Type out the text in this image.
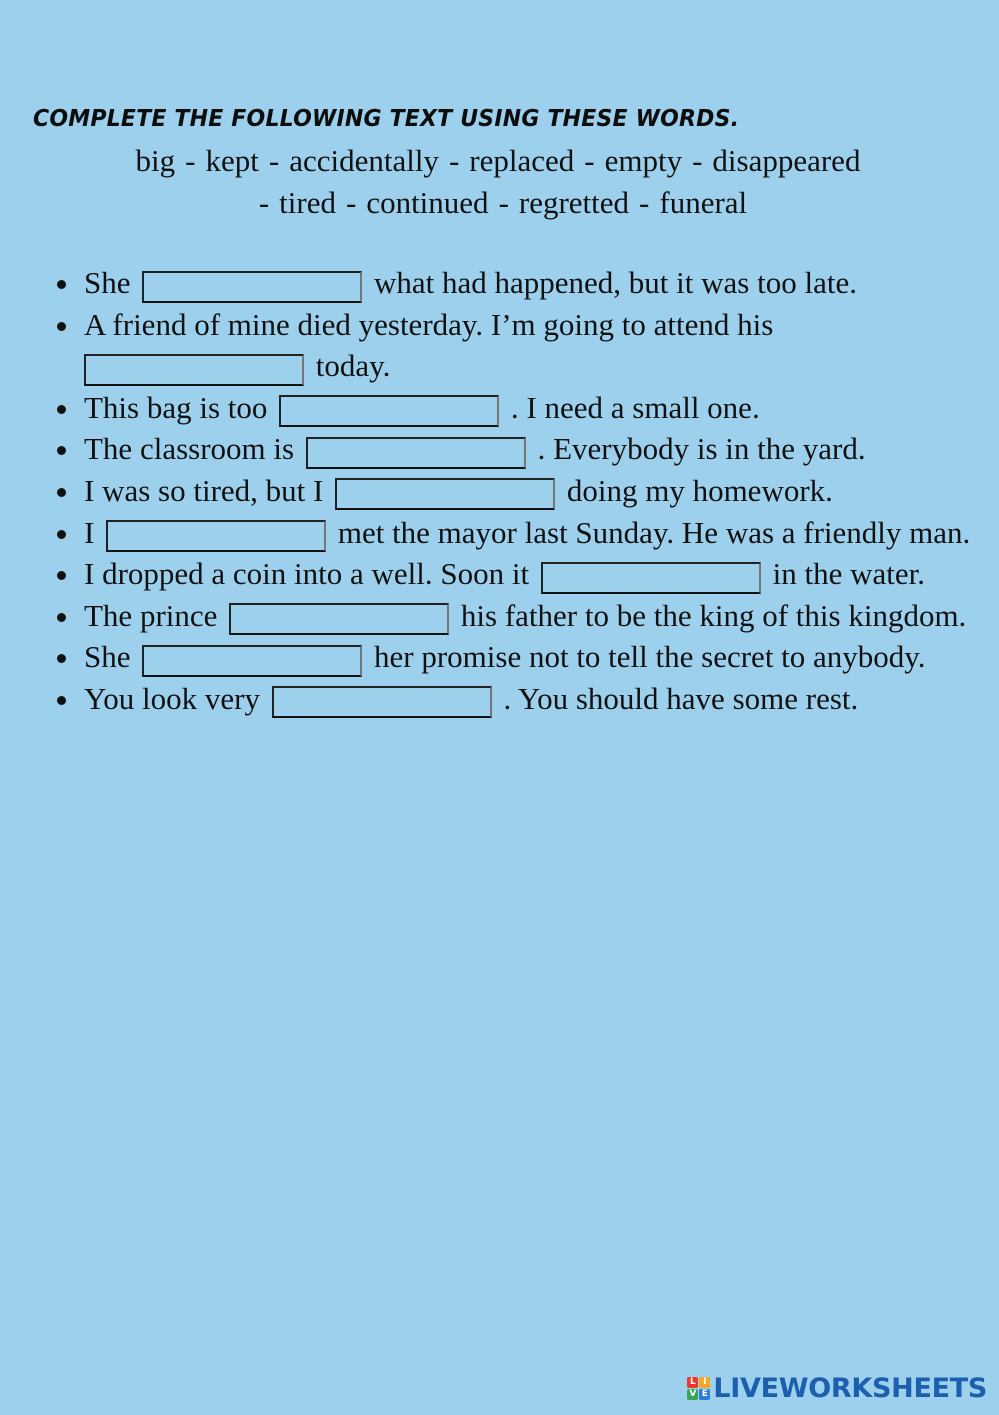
COMPLETE THE FOLLOWING TEXT USING THESE WORDS.
big - kept - accidentally - replaced - empty - disappeared
- tired - continued - regretted - funeral
She	what had happened, but it was too late.
A friend of mine died yesterday. I’m going to attend his  today.
This bag is too	. I need a small one.
The classroom is	. Everybody is in the yard.
I was so tired, but I	doing my homework.
I	met the mayor last Sunday. He was a friendly man.
I dropped a coin into a well. Soon it	in the water.
The prince	his father to be the king of this kingdom.
She	her promise not to tell the secret to anybody.
You look very	. You should have some rest.
L I
V E LIVEWORKSHEETS
